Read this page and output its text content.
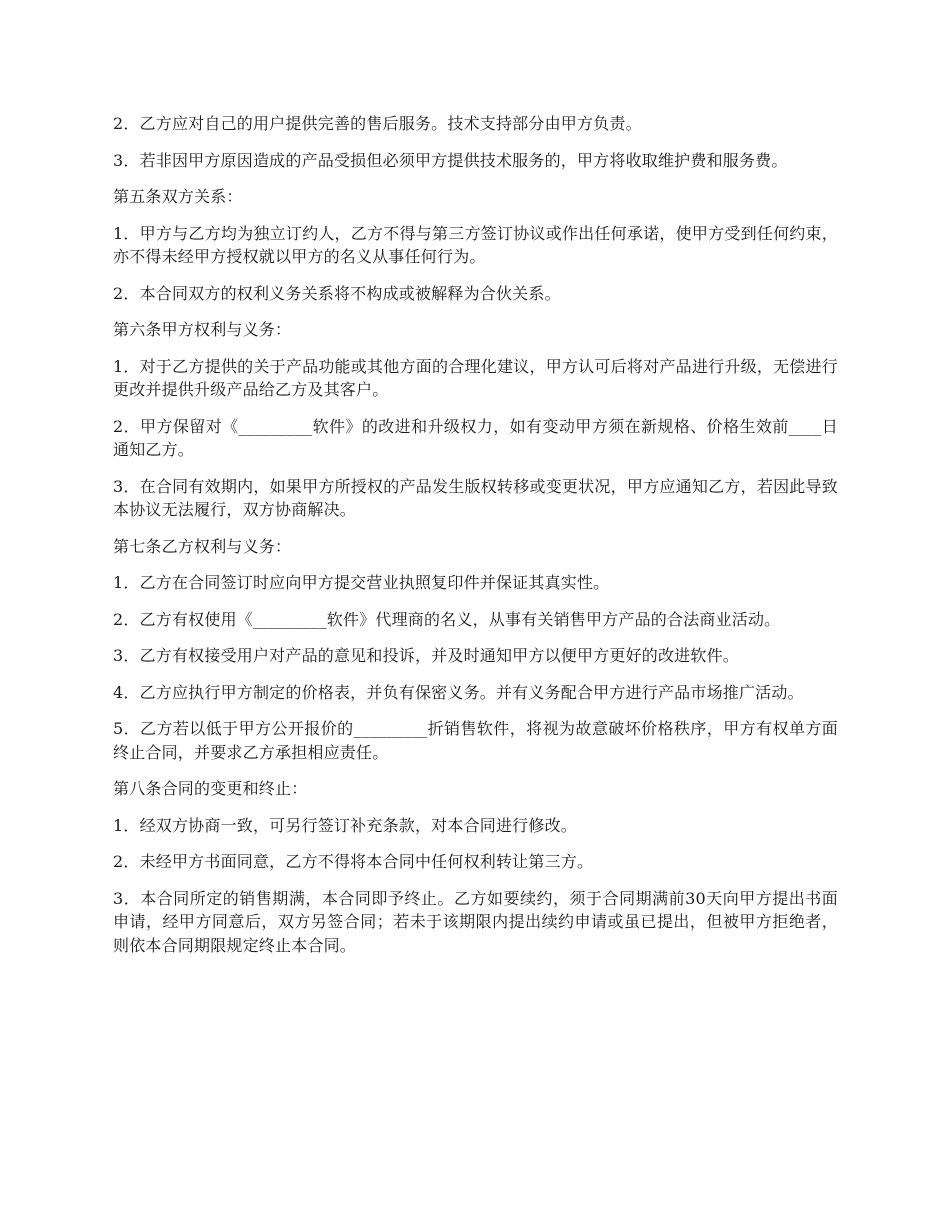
2．乙方应对自己的用户提供完善的售后服务。技术支持部分由甲方负责。

3．若非因甲方原因造成的产品受损但必须甲方提供技术服务的，甲方将收取维护费和服务费。

第五条双方关系：

1．甲方与乙方均为独立订约人，乙方不得与第三方签订协议或作出任何承诺，使甲方受到任何约束，亦不得未经甲方授权就以甲方的名义从事任何行为。

2．本合同双方的权利义务关系将不构成或被解释为合伙关系。

第六条甲方权利与义务：

1．对于乙方提供的关于产品功能或其他方面的合理化建议，甲方认可后将对产品进行升级，无偿进行更改并提供升级产品给乙方及其客户。

2．甲方保留对《_________软件》的改进和升级权力，如有变动甲方须在新规格、价格生效前____日通知乙方。

3．在合同有效期内，如果甲方所授权的产品发生版权转移或变更状况，甲方应通知乙方，若因此导致本协议无法履行，双方协商解决。

第七条乙方权利与义务：

1．乙方在合同签订时应向甲方提交营业执照复印件并保证其真实性。

2．乙方有权使用《_________软件》代理商的名义，从事有关销售甲方产品的合法商业活动。

3．乙方有权接受用户对产品的意见和投诉，并及时通知甲方以便甲方更好的改进软件。

4．乙方应执行甲方制定的价格表，并负有保密义务。并有义务配合甲方进行产品市场推广活动。

5．乙方若以低于甲方公开报价的_________折销售软件，将视为故意破坏价格秩序，甲方有权单方面终止合同，并要求乙方承担相应责任。

第八条合同的变更和终止：

1．经双方协商一致，可另行签订补充条款，对本合同进行修改。

2．未经甲方书面同意，乙方不得将本合同中任何权利转让第三方。

3．本合同所定的销售期满，本合同即予终止。乙方如要续约，须于合同期满前30天向甲方提出书面申请，经甲方同意后，双方另签合同；若未于该期限内提出续约申请或虽已提出，但被甲方拒绝者，则依本合同期限规定终止本合同。
